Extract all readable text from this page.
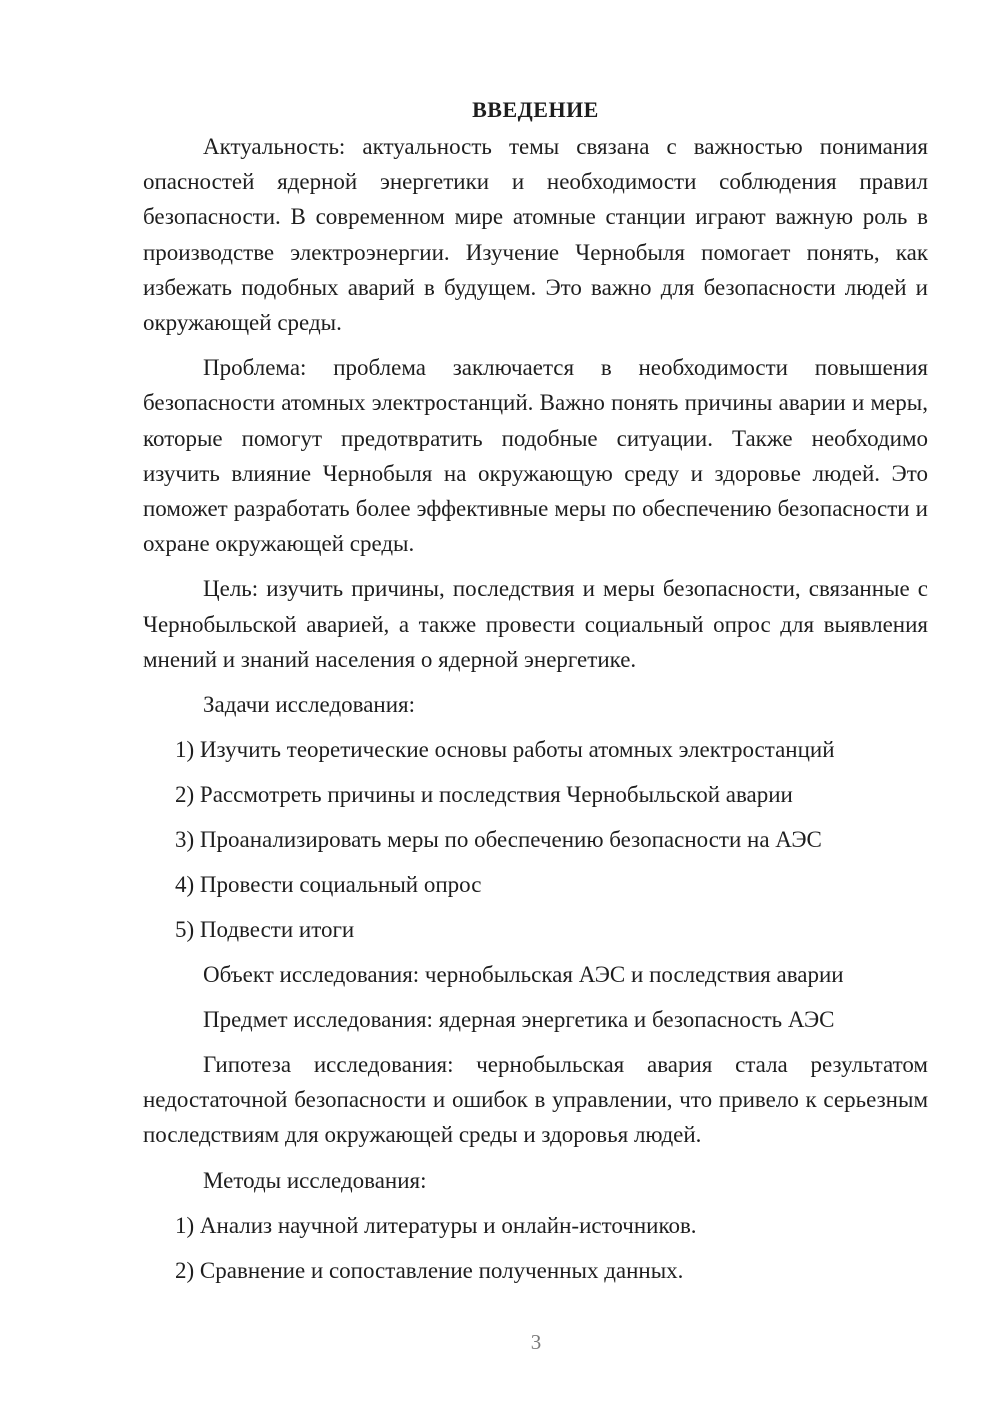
ВВЕДЕНИЕ

Актуальность: актуальность темы связана с важностью понимания опасностей ядерной энергетики и необходимости соблюдения правил безопасности. В современном мире атомные станции играют важную роль в производстве электроэнергии. Изучение Чернобыля помогает понять, как избежать подобных аварий в будущем. Это важно для безопасности людей и окружающей среды.

Проблема: проблема заключается в необходимости повышения безопасности атомных электростанций. Важно понять причины аварии и меры, которые помогут предотвратить подобные ситуации. Также необходимо изучить влияние Чернобыля на окружающую среду и здоровье людей. Это поможет разработать более эффективные меры по обеспечению безопасности и охране окружающей среды.

Цель: изучить причины, последствия и меры безопасности, связанные с Чернобыльской аварией, а также провести социальный опрос для выявления мнений и знаний населения о ядерной энергетике.

Задачи исследования:
1) Изучить теоретические основы работы атомных электростанций
2) Рассмотреть причины и последствия Чернобыльской аварии
3) Проанализировать меры по обеспечению безопасности на АЭС
4) Провести социальный опрос
5) Подвести итоги
Объект исследования: чернобыльская АЭС и последствия аварии
Предмет исследования: ядерная энергетика и безопасность АЭС

Гипотеза исследования: чернобыльская авария стала результатом недостаточной безопасности и ошибок в управлении, что привело к серьезным последствиям для окружающей среды и здоровья людей.

Методы исследования:
1) Анализ научной литературы и онлайн-источников.
2) Сравнение и сопоставление полученных данных.
3
